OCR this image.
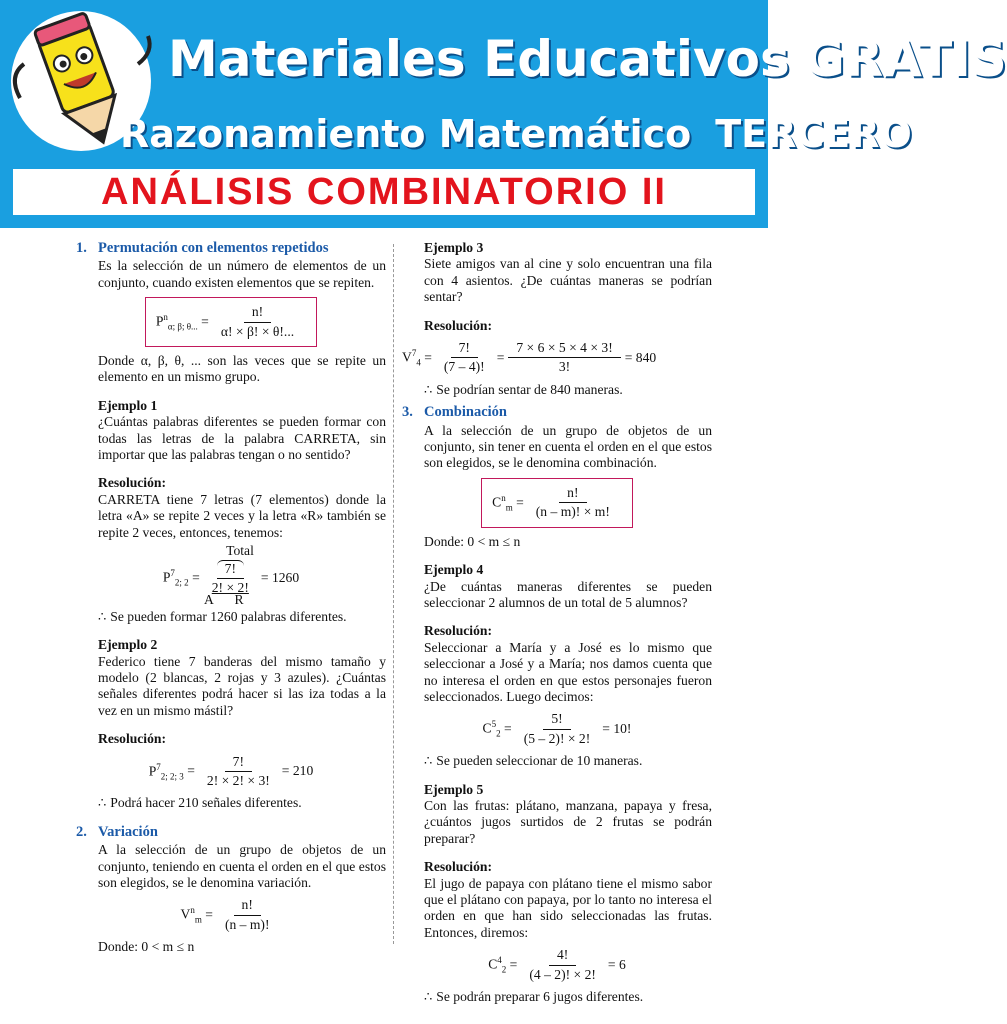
Materiales Educativos GRATIS
Razonamiento Matemático TERCERO
ANÁLISIS COMBINATORIO II
1. Permutación con elementos repetidos

Es la selección de un número de elementos de un conjunto, cuando existen elementos que se repiten.

$P^n_{\alpha; \beta; \theta...} = \frac{n!}{\alpha! \times \beta! \times \theta!...}$

Donde α, β, θ, ... son las veces que se repite un elemento en un mismo grupo.

Ejemplo 1

¿Cuántas palabras diferentes se pueden formar con todas las letras de la palabra CARRETA, sin importar que las palabras tengan o no sentido?

Resolución:

CARRETA tiene 7 letras (7 elementos) donde la letra «A» se repite 2 veces y la letra «R» también se repite 2 veces, entonces, tenemos:

Total
$P^7_{2; 2} = \frac{7!}{2! \times 2!} = 1260$
A R

∴ Se pueden formar 1260 palabras diferentes.

Ejemplo 2

Federico tiene 7 banderas del mismo tamaño y modelo (2 blancas, 2 rojas y 3 azules). ¿Cuántas señales diferentes podrá hacer si las iza todas a la vez en un mismo mástil?

Resolución:

$P^7_{2; 2; 3} = \frac{7!}{2! \times 2! \times 3!} = 210$

∴ Podrá hacer 210 señales diferentes.

2. Variación

A la selección de un grupo de objetos de un conjunto, teniendo en cuenta el orden en el que estos son elegidos, se le denomina variación.

$V^n_m = \frac{n!}{(n - m)!}$

Donde: 0 < m ≤ n

Ejemplo 3

Siete amigos van al cine y solo encuentran una fila con 4 asientos. ¿De cuántas maneras se podrían sentar?

Resolución:

$V^7_4 = \frac{7!}{(7 - 4)!} = \frac{7 \times 6 \times 5 \times 4 \times 3!}{3!} = 840$

∴ Se podrían sentar de 840 maneras.

3. Combinación

A la selección de un grupo de objetos de un conjunto, sin tener en cuenta el orden en el que estos son elegidos, se le denomina combinación.

$C^n_m = \frac{n!}{(n - m)! \times m!}$

Donde: 0 < m ≤ n

Ejemplo 4

¿De cuántas maneras diferentes se pueden seleccionar 2 alumnos de un total de 5 alumnos?

Resolución:

Seleccionar a María y a José es lo mismo que seleccionar a José y a María; nos damos cuenta que no interesa el orden en que estos personajes fueron seleccionados. Luego decimos:

$C^5_2 = \frac{5!}{(5 - 2)! \times 2!} = 10$!

∴ Se pueden seleccionar de 10 maneras.

Ejemplo 5

Con las frutas: plátano, manzana, papaya y fresa, ¿cuántos jugos surtidos de 2 frutas se podrán preparar?

Resolución:

El jugo de papaya con plátano tiene el mismo sabor que el plátano con papaya, por lo tanto no interesa el orden en que han sido seleccionadas las frutas. Entonces, diremos:

$C^4_2 = \frac{4!}{(4 - 2)! \times 2!} = 6$

∴ Se podrán preparar 6 jugos diferentes.
